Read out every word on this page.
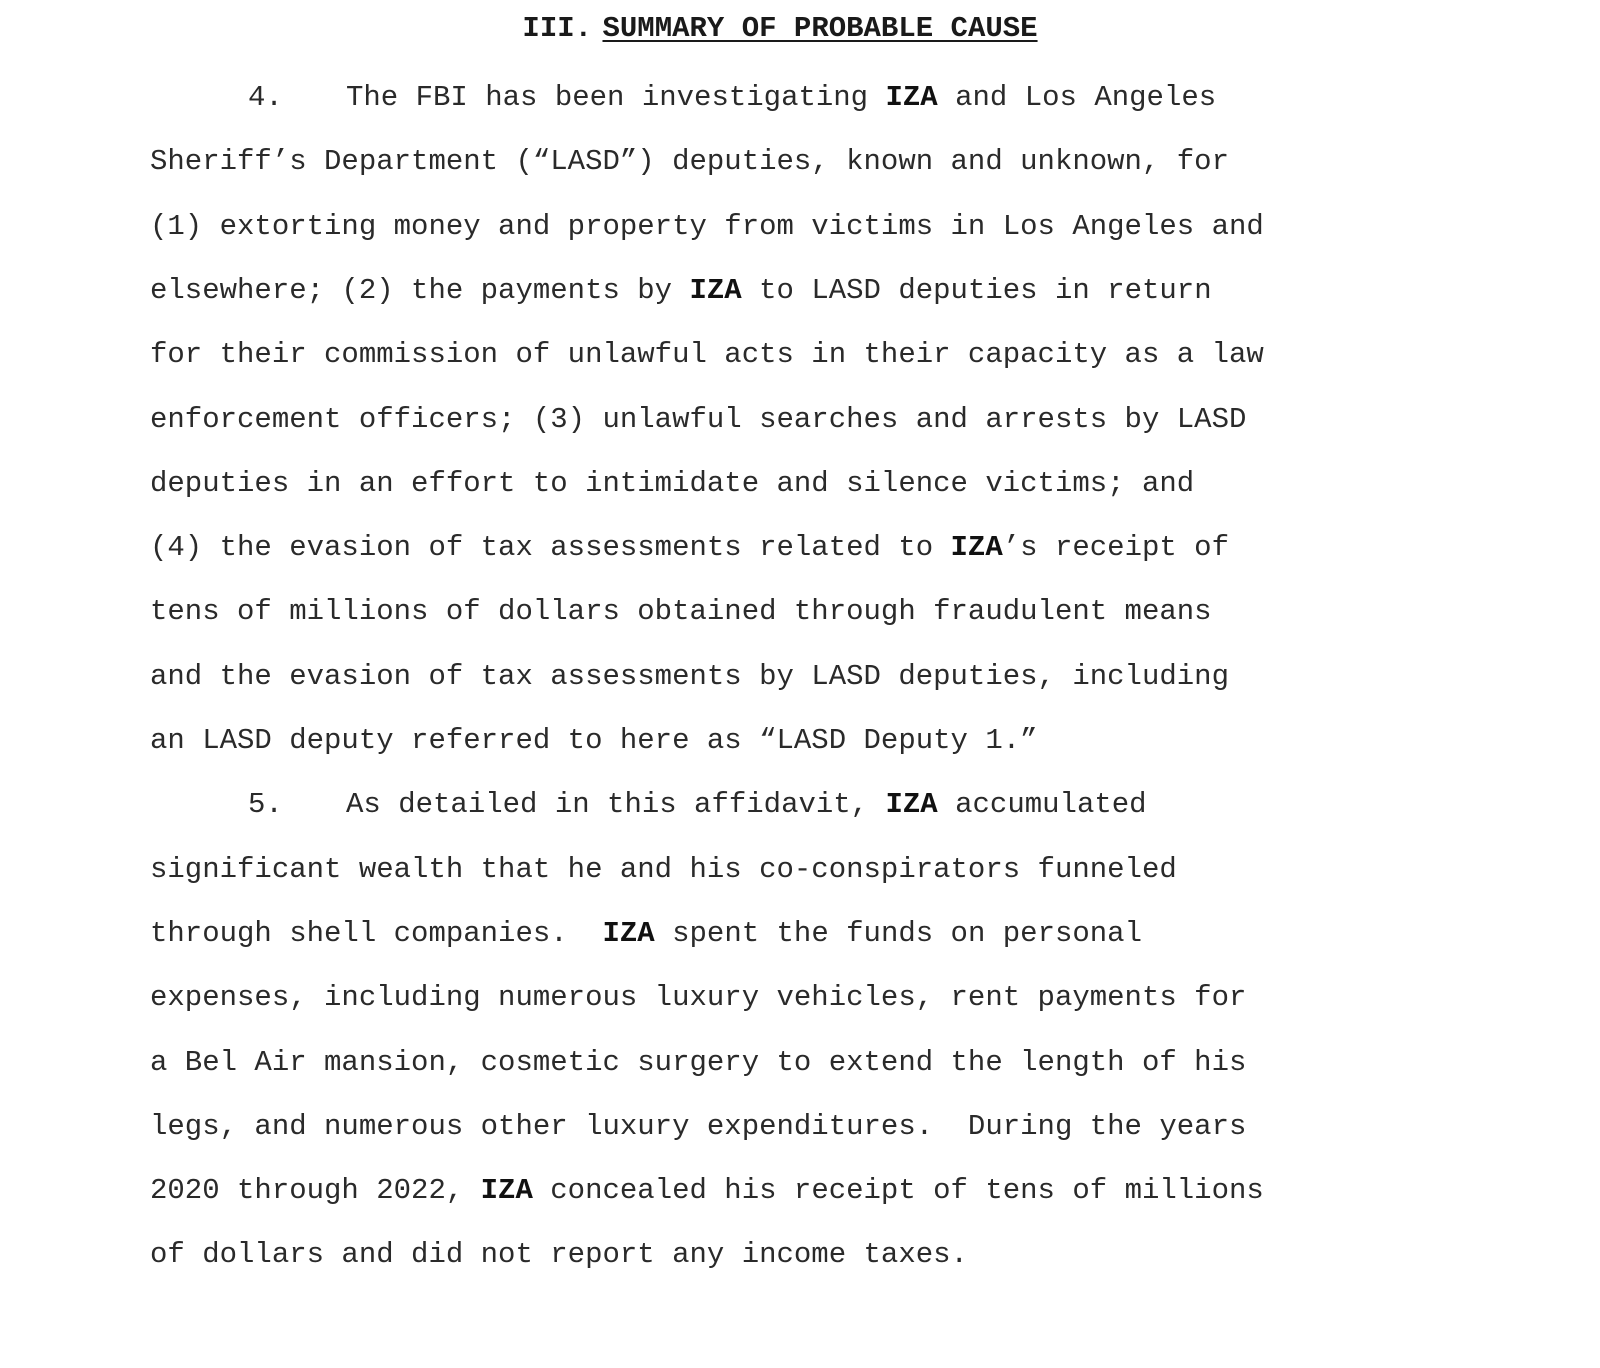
III. SUMMARY OF PROBABLE CAUSE
4. The FBI has been investigating IZA and Los Angeles
Sheriff’s Department (“LASD”) deputies, known and unknown, for
(1) extorting money and property from victims in Los Angeles and
elsewhere; (2) the payments by IZA to LASD deputies in return
for their commission of unlawful acts in their capacity as a law
enforcement officers; (3) unlawful searches and arrests by LASD
deputies in an effort to intimidate and silence victims; and
(4) the evasion of tax assessments related to IZA’s receipt of
tens of millions of dollars obtained through fraudulent means
and the evasion of tax assessments by LASD deputies, including
an LASD deputy referred to here as “LASD Deputy 1.”
5. As detailed in this affidavit, IZA accumulated
significant wealth that he and his co-conspirators funneled
through shell companies.  IZA spent the funds on personal
expenses, including numerous luxury vehicles, rent payments for
a Bel Air mansion, cosmetic surgery to extend the length of his
legs, and numerous other luxury expenditures.  During the years
2020 through 2022, IZA concealed his receipt of tens of millions
of dollars and did not report any income taxes.
